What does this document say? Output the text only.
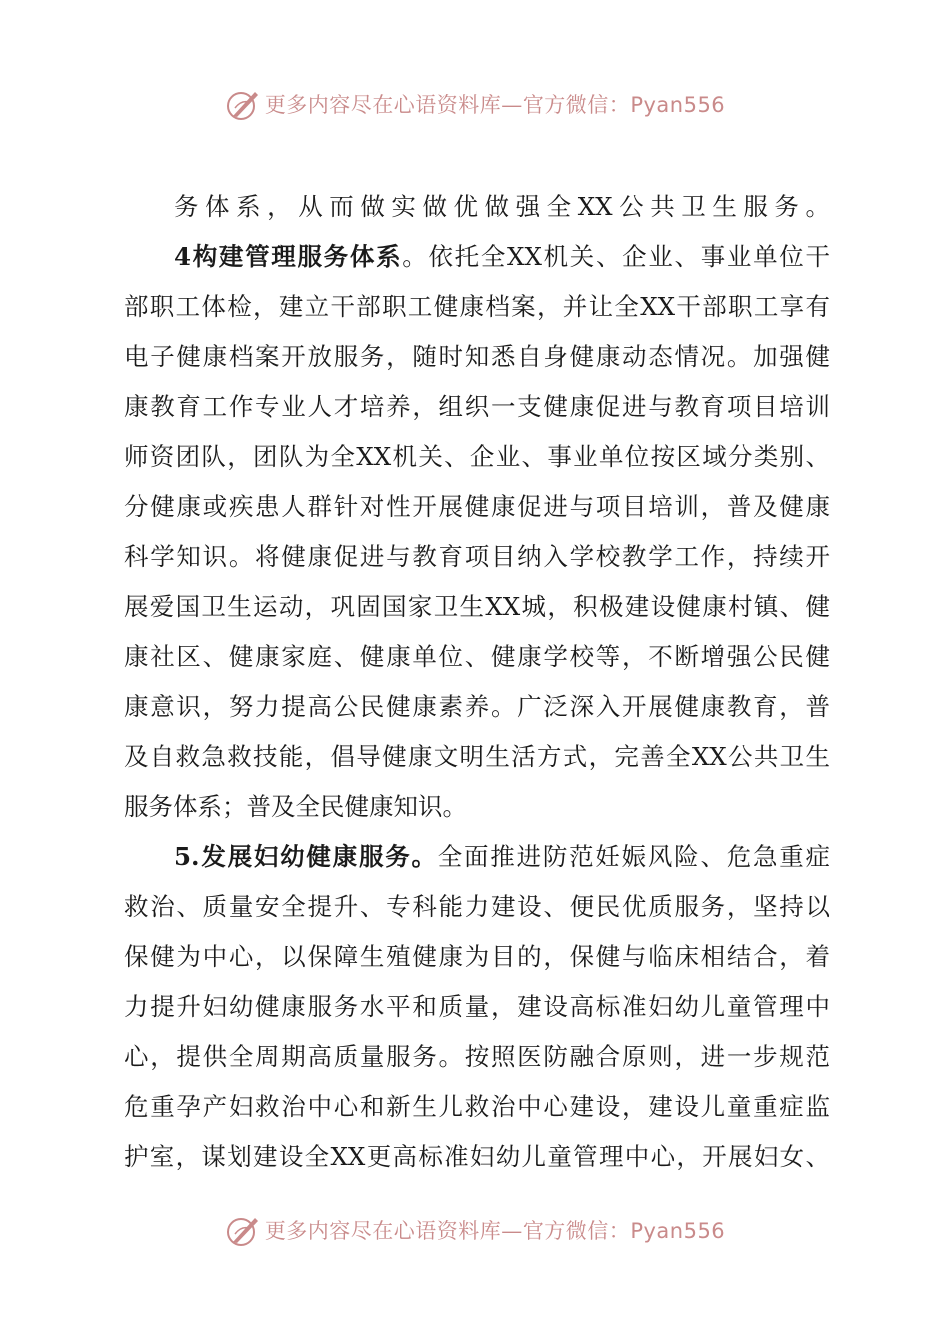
更多内容尽在心语资料库—官方微信：Pyan556
务体系，从而做实做优做强全XX公共卫生服务。
4构建管理服务体系。依托全XX机关、企业、事业单位干
部职工体检，建立干部职工健康档案，并让全XX干部职工享有
电子健康档案开放服务，随时知悉自身健康动态情况。加强健
康教育工作专业人才培养，组织一支健康促进与教育项目培训
师资团队，团队为全XX机关、企业、事业单位按区域分类别、
分健康或疾患人群针对性开展健康促进与项目培训，普及健康
科学知识。将健康促进与教育项目纳入学校教学工作，持续开
展爱国卫生运动，巩固国家卫生XX城，积极建设健康村镇、健
康社区、健康家庭、健康单位、健康学校等，不断增强公民健
康意识，努力提高公民健康素养。广泛深入开展健康教育，普
及自救急救技能，倡导健康文明生活方式，完善全XX公共卫生
服务体系；普及全民健康知识。
5.发展妇幼健康服务。全面推进防范妊娠风险、危急重症
救治、质量安全提升、专科能力建设、便民优质服务，坚持以
保健为中心，以保障生殖健康为目的，保健与临床相结合，着
力提升妇幼健康服务水平和质量，建设高标准妇幼儿童管理中
心，提供全周期高质量服务。按照医防融合原则，进一步规范
危重孕产妇救治中心和新生儿救治中心建设，建设儿童重症监
护室，谋划建设全XX更高标准妇幼儿童管理中心，开展妇女、
更多内容尽在心语资料库—官方微信：Pyan556
